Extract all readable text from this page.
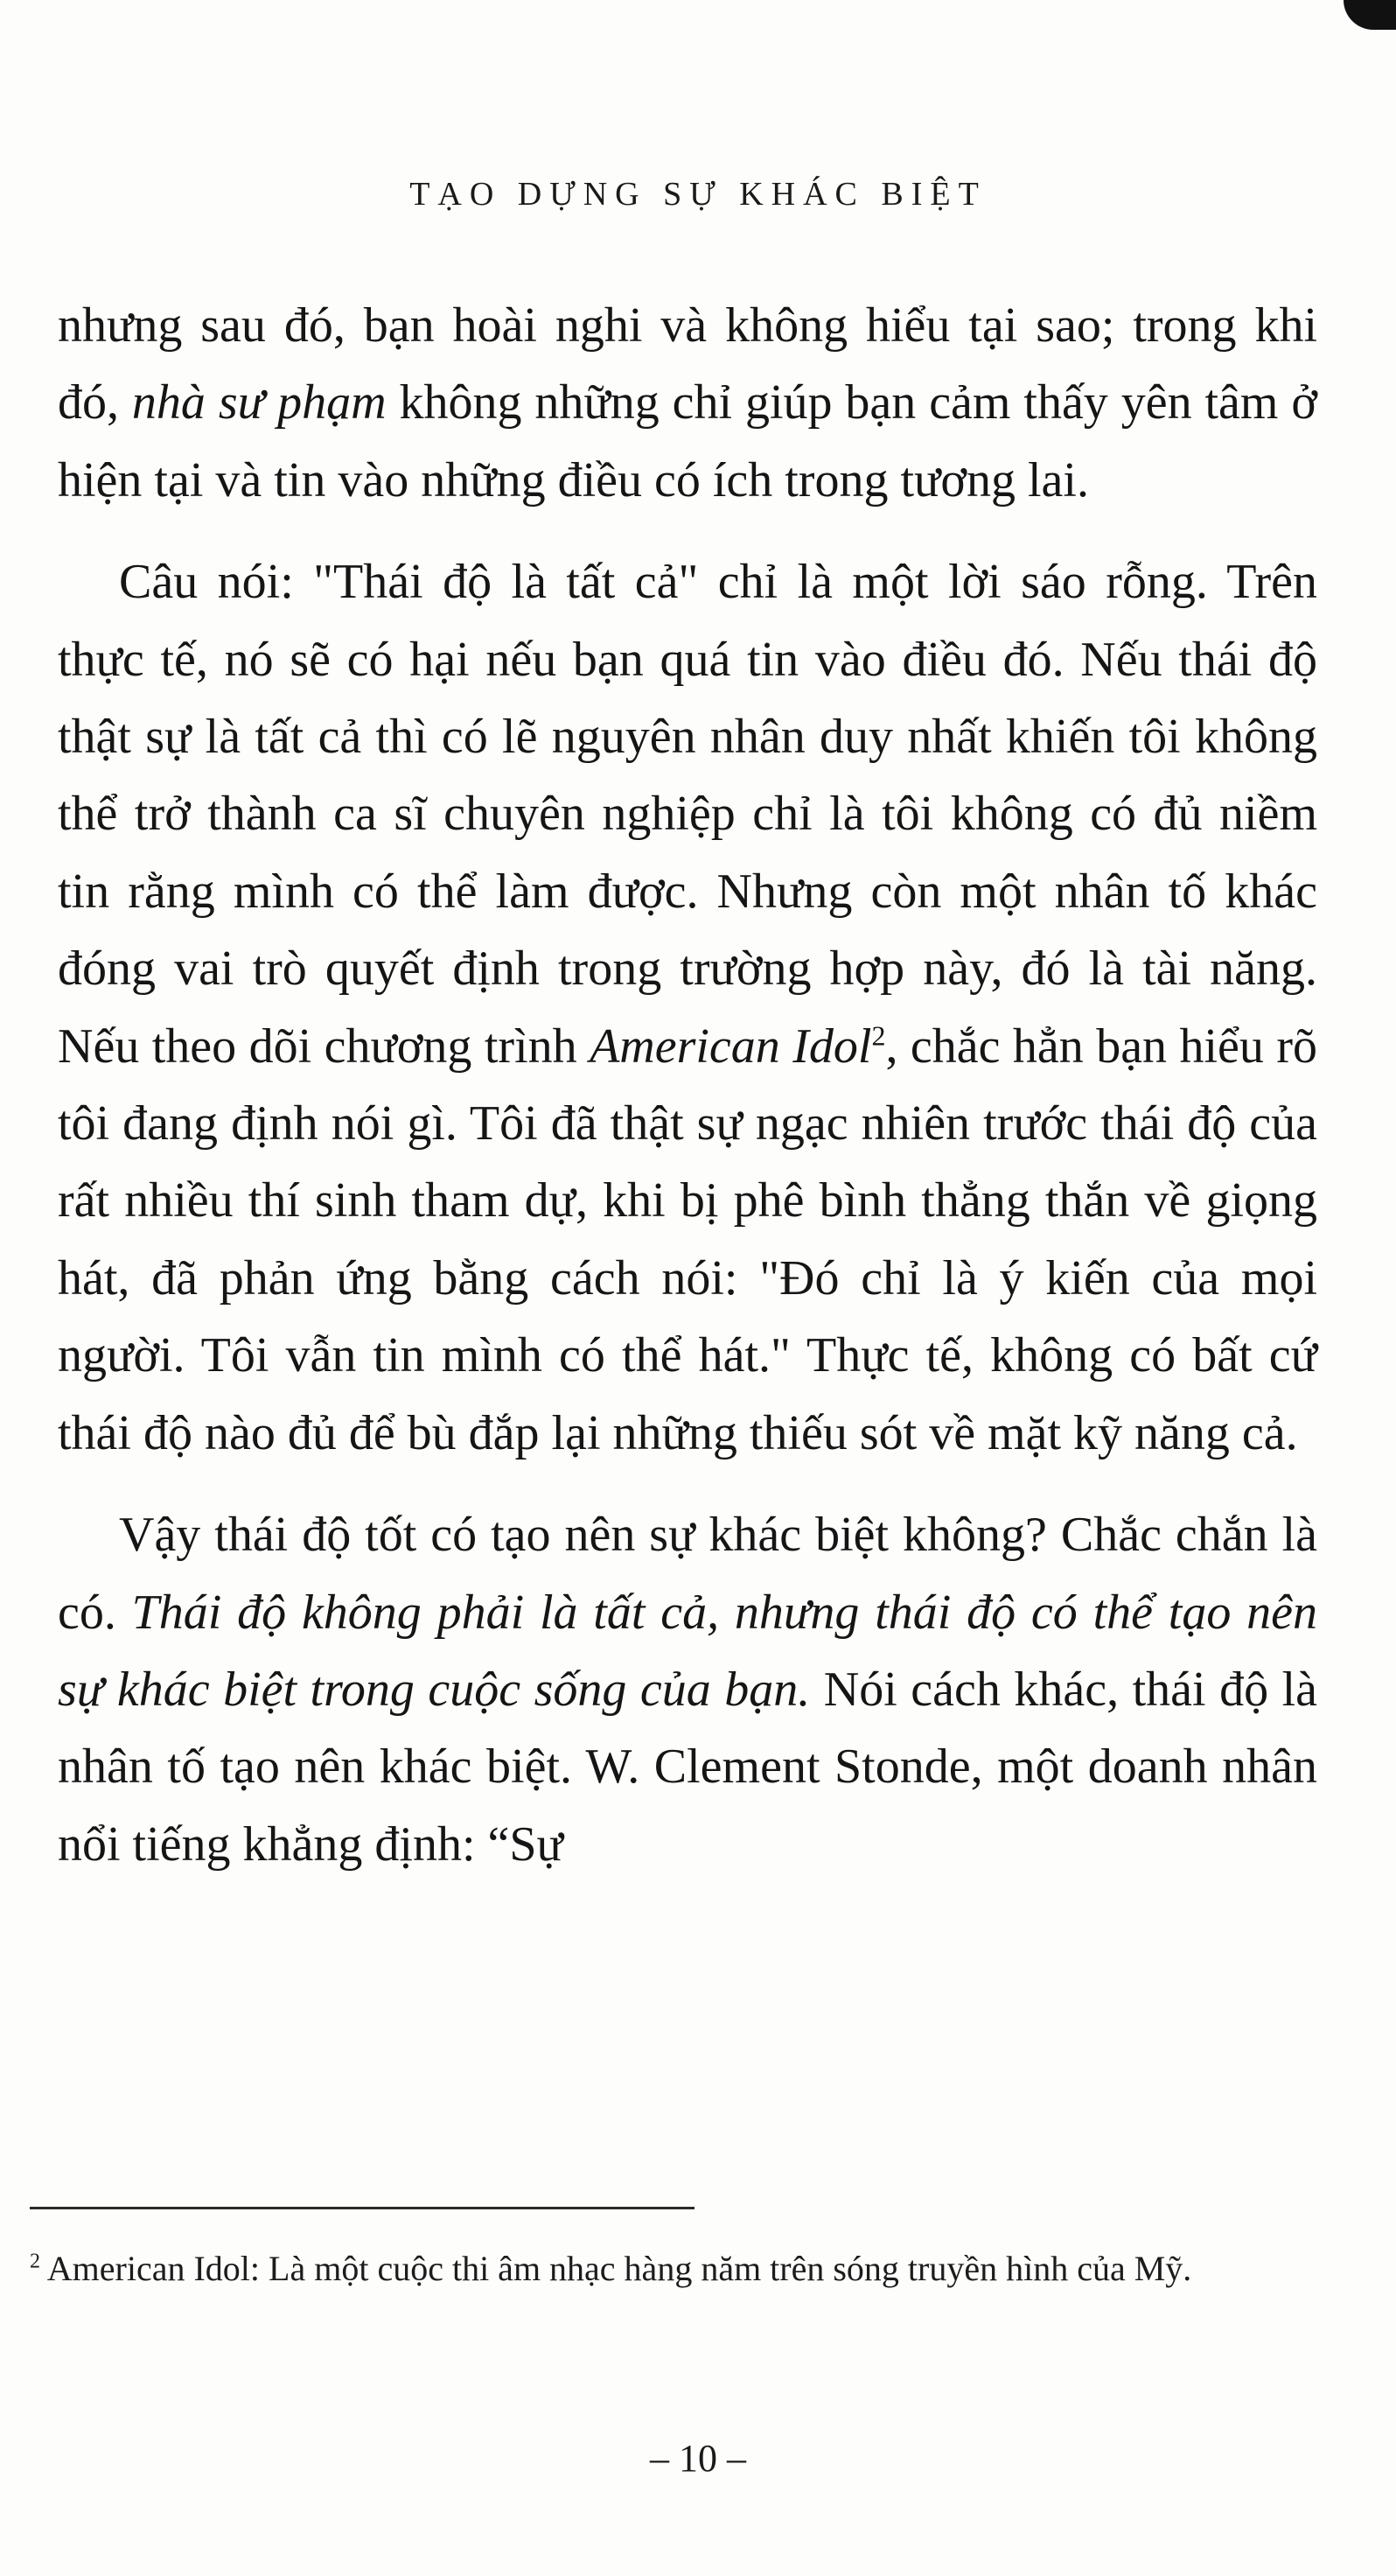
TẠO DỰNG SỰ KHÁC BIỆT

nhưng sau đó, bạn hoài nghi và không hiểu tại sao; trong khi đó, nhà sư phạm không những chỉ giúp bạn cảm thấy yên tâm ở hiện tại và tin vào những điều có ích trong tương lai.

Câu nói: "Thái độ là tất cả" chỉ là một lời sáo rỗng. Trên thực tế, nó sẽ có hại nếu bạn quá tin vào điều đó. Nếu thái độ thật sự là tất cả thì có lẽ nguyên nhân duy nhất khiến tôi không thể trở thành ca sĩ chuyên nghiệp chỉ là tôi không có đủ niềm tin rằng mình có thể làm được. Nhưng còn một nhân tố khác đóng vai trò quyết định trong trường hợp này, đó là tài năng. Nếu theo dõi chương trình American Idol$^2$, chắc hẳn bạn hiểu rõ tôi đang định nói gì. Tôi đã thật sự ngạc nhiên trước thái độ của rất nhiều thí sinh tham dự, khi bị phê bình thẳng thắn về giọng hát, đã phản ứng bằng cách nói: "Đó chỉ là ý kiến của mọi người. Tôi vẫn tin mình có thể hát." Thực tế, không có bất cứ thái độ nào đủ để bù đắp lại những thiếu sót về mặt kỹ năng cả.

Vậy thái độ tốt có tạo nên sự khác biệt không? Chắc chắn là có. Thái độ không phải là tất cả, nhưng thái độ có thể tạo nên sự khác biệt trong cuộc sống của bạn. Nói cách khác, thái độ là nhân tố tạo nên khác biệt. W. Clement Stonde, một doanh nhân nổi tiếng khẳng định: “Sự

$^2$ American Idol: Là một cuộc thi âm nhạc hàng năm trên sóng truyền hình của Mỹ.
– 10 –
